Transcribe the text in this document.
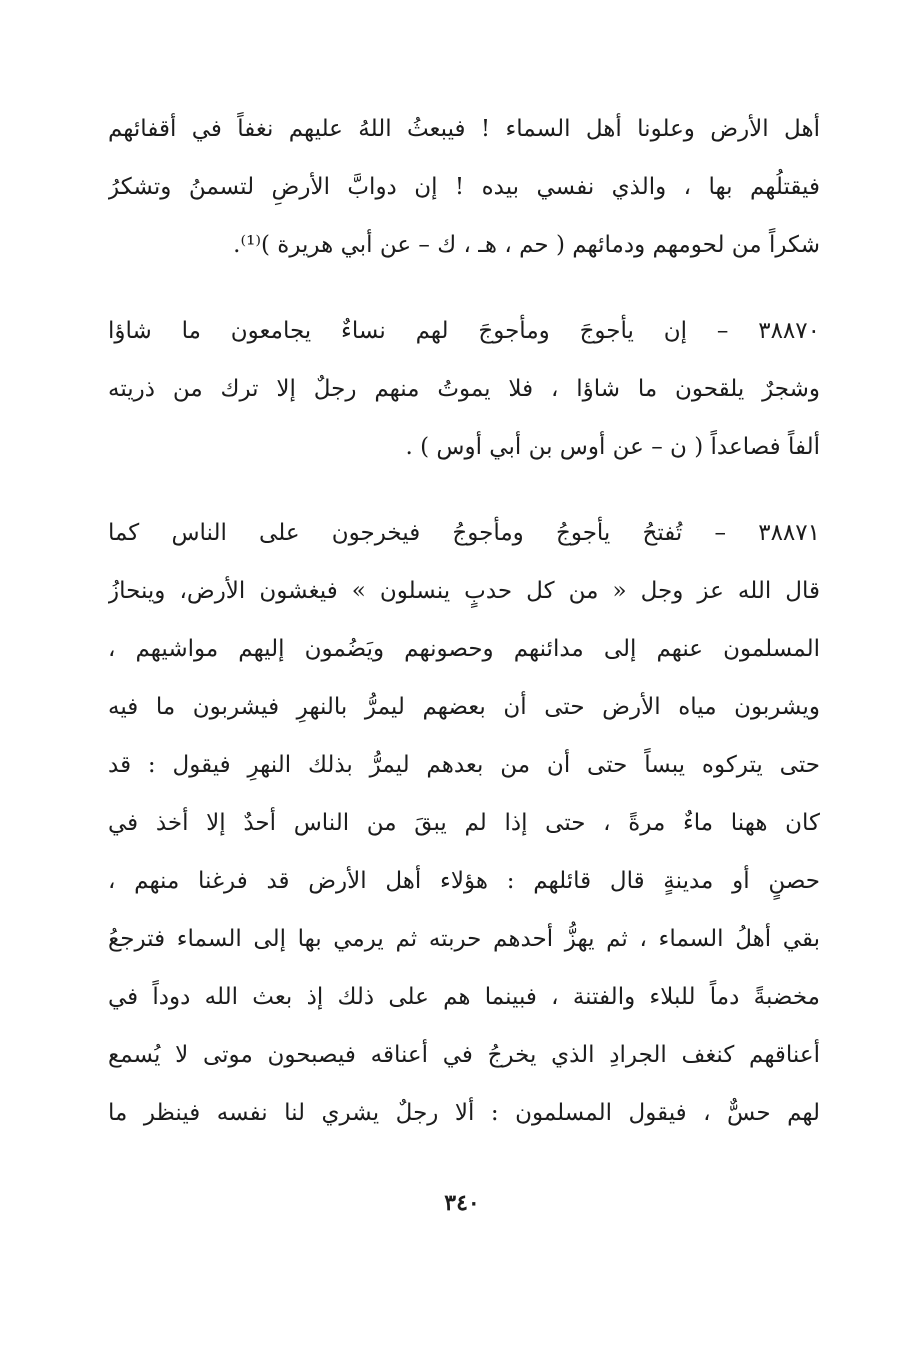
أهل الأرض وعلونا أهل السماء ! فيبعثُ اللهُ عليهم نغفاً في أقفائهم
فيقتلُهم بها ، والذي نفسي بيده ! إن دوابَّ الأرضِ لتسمنُ وتشكرُ
شكراً من لحومهم ودمائهم ( حم ، هـ ، ك – عن أبي هريرة )⁽¹⁾.
٣٨٨٧٠ – إن يأجوجَ ومأجوجَ لهم نساءٌ يجامعون ما شاؤا
وشجرٌ يلقحون ما شاؤا ، فلا يموتُ منهم رجلٌ إلا ترك من ذريته
ألفاً فصاعداً ( ن – عن أوس بن أبي أوس ) .
٣٨٨٧١ – تُفتحُ يأجوجُ ومأجوجُ فيخرجون على الناس كما
قال الله عز وجل « من كل حدبٍ ينسلون » فيغشون الأرض، وينحازُ
المسلمون عنهم إلى مدائنهم وحصونهم ويَضُمون إليهم مواشيهم ،
ويشربون مياه الأرض حتى أن بعضهم ليمرُّ بالنهرِ فيشربون ما فيه
حتى يتركوه يبساً حتى أن من بعدهم ليمرُّ بذلك النهرِ فيقول : قد
كان ههنا ماءٌ مرةً ، حتى إذا لم يبقَ من الناس أحدٌ إلا أخذ في
حصنٍ أو مدينةٍ قال قائلهم : هؤلاء أهل الأرض قد فرغنا منهم ،
بقي أهلُ السماء ، ثم يهزُّ أحدهم حربته ثم يرمي بها إلى السماء فترجعُ
مخضبةً دماً للبلاء والفتنة ، فبينما هم على ذلك إذ بعث الله دوداً في
أعناقهم كنغف الجرادِ الذي يخرجُ في أعناقه فيصبحون موتى لا يُسمع
لهم حسٌّ ، فيقول المسلمون : ألا رجلٌ يشري لنا نفسه فينظر ما
٣٤٠
